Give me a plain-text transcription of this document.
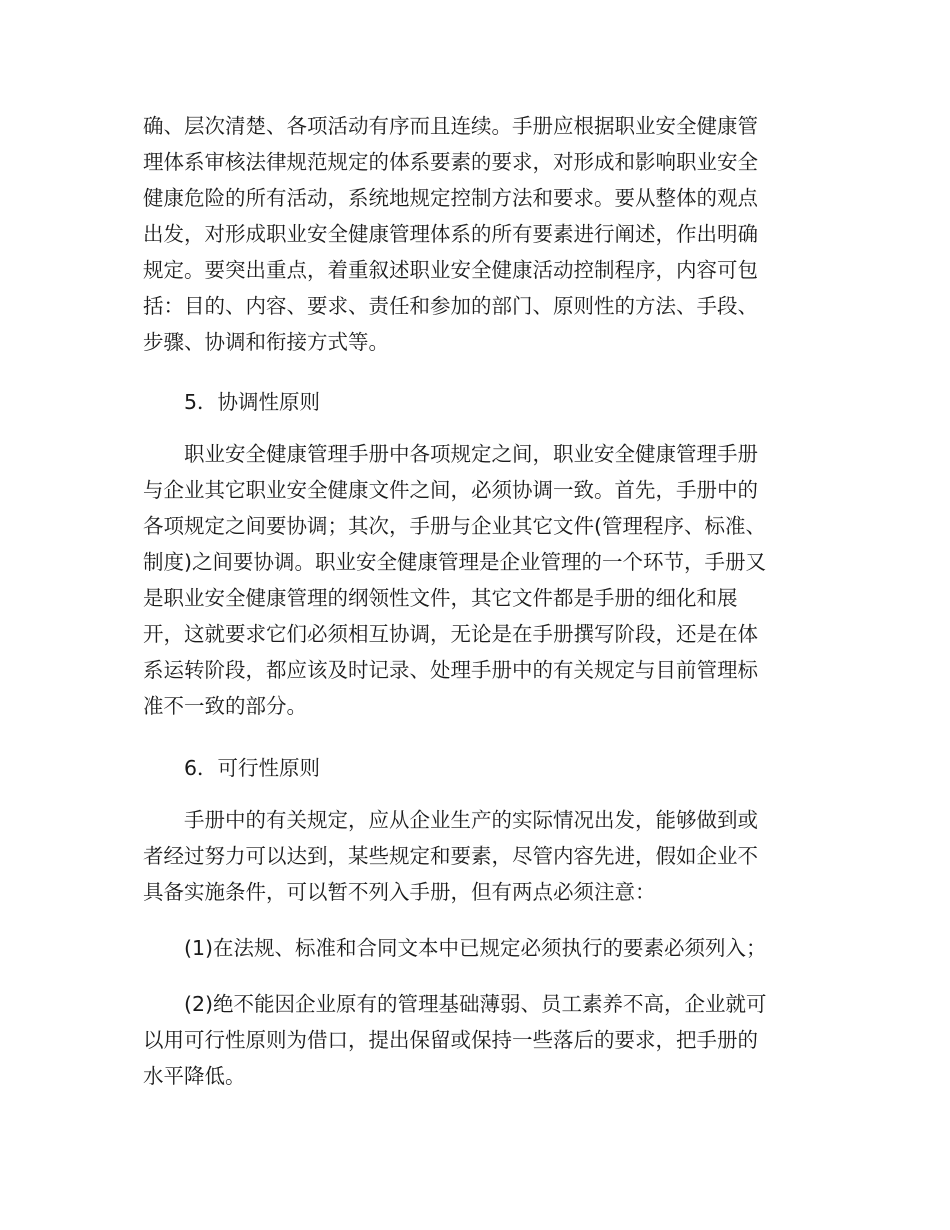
确、层次清楚、各项活动有序而且连续。手册应根据职业安全健康管
理体系审核法律规范规定的体系要素的要求，对形成和影响职业安全
健康危险的所有活动，系统地规定控制方法和要求。要从整体的观点
出发，对形成职业安全健康管理体系的所有要素进行阐述，作出明确
规定。要突出重点，着重叙述职业安全健康活动控制程序，内容可包
括：目的、内容、要求、责任和参加的部门、原则性的方法、手段、
步骤、协调和衔接方式等。
5．协调性原则
职业安全健康管理手册中各项规定之间，职业安全健康管理手册
与企业其它职业安全健康文件之间，必须协调一致。首先，手册中的
各项规定之间要协调；其次，手册与企业其它文件(管理程序、标准、
制度)之间要协调。职业安全健康管理是企业管理的一个环节，手册又
是职业安全健康管理的纲领性文件，其它文件都是手册的细化和展
开，这就要求它们必须相互协调，无论是在手册撰写阶段，还是在体
系运转阶段，都应该及时记录、处理手册中的有关规定与目前管理标
准不一致的部分。
6．可行性原则
手册中的有关规定，应从企业生产的实际情况出发，能够做到或
者经过努力可以达到，某些规定和要素，尽管内容先进，假如企业不
具备实施条件，可以暂不列入手册，但有两点必须注意：
(1)在法规、标准和合同文本中已规定必须执行的要素必须列入；
(2)绝不能因企业原有的管理基础薄弱、员工素养不高，企业就可
以用可行性原则为借口，提出保留或保持一些落后的要求，把手册的
水平降低。
